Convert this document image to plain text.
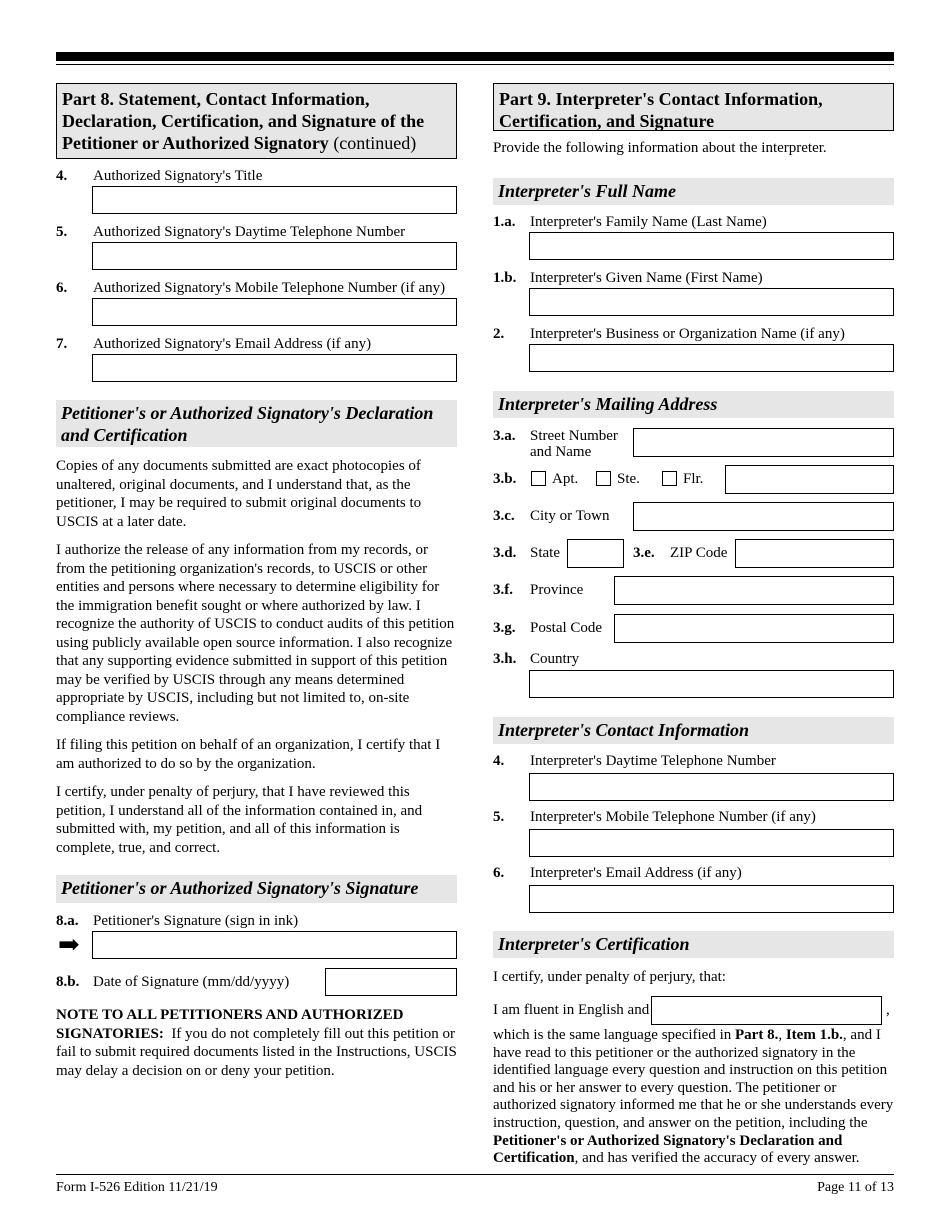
Part 8. Statement, Contact Information, Declaration, Certification, and Signature of the Petitioner or Authorized Signatory (continued)
4. Authorized Signatory's Title
5. Authorized Signatory's Daytime Telephone Number
6. Authorized Signatory's Mobile Telephone Number (if any)
7. Authorized Signatory's Email Address (if any)
Petitioner's or Authorized Signatory's Declaration and Certification
Copies of any documents submitted are exact photocopies of unaltered, original documents, and I understand that, as the petitioner, I may be required to submit original documents to USCIS at a later date.
I authorize the release of any information from my records, or from the petitioning organization's records, to USCIS or other entities and persons where necessary to determine eligibility for the immigration benefit sought or where authorized by law. I recognize the authority of USCIS to conduct audits of this petition using publicly available open source information. I also recognize that any supporting evidence submitted in support of this petition may be verified by USCIS through any means determined appropriate by USCIS, including but not limited to, on-site compliance reviews.
If filing this petition on behalf of an organization, I certify that I am authorized to do so by the organization.
I certify, under penalty of perjury, that I have reviewed this petition, I understand all of the information contained in, and submitted with, my petition, and all of this information is complete, true, and correct.
Petitioner's or Authorized Signatory's Signature
8.a. Petitioner's Signature (sign in ink)
➡
8.b. Date of Signature (mm/dd/yyyy)
NOTE TO ALL PETITIONERS AND AUTHORIZED SIGNATORIES: If you do not completely fill out this petition or fail to submit required documents listed in the Instructions, USCIS may delay a decision on or deny your petition.
Part 9. Interpreter's Contact Information, Certification, and Signature
Provide the following information about the interpreter.
Interpreter's Full Name
1.a. Interpreter's Family Name (Last Name)
1.b. Interpreter's Given Name (First Name)
2. Interpreter's Business or Organization Name (if any)
Interpreter's Mailing Address
3.a. Street Number
and Name
3.b. Apt.	Ste.	Flr.
3.c. City or Town
3.d. State	3.e. ZIP Code
3.f. Province
3.g. Postal Code
3.h. Country
Interpreter's Contact Information
4. Interpreter's Daytime Telephone Number
5. Interpreter's Mobile Telephone Number (if any)
6. Interpreter's Email Address (if any)
Interpreter's Certification
I certify, under penalty of perjury, that:
I am fluent in English and	,
which is the same language specified in Part 8., Item 1.b., and I have read to this petitioner or the authorized signatory in the identified language every question and instruction on this petition and his or her answer to every question. The petitioner or authorized signatory informed me that he or she understands every instruction, question, and answer on the petition, including the Petitioner's or Authorized Signatory's Declaration and Certification, and has verified the accuracy of every answer.
Form I-526 Edition 11/21/19	Page 11 of 13
